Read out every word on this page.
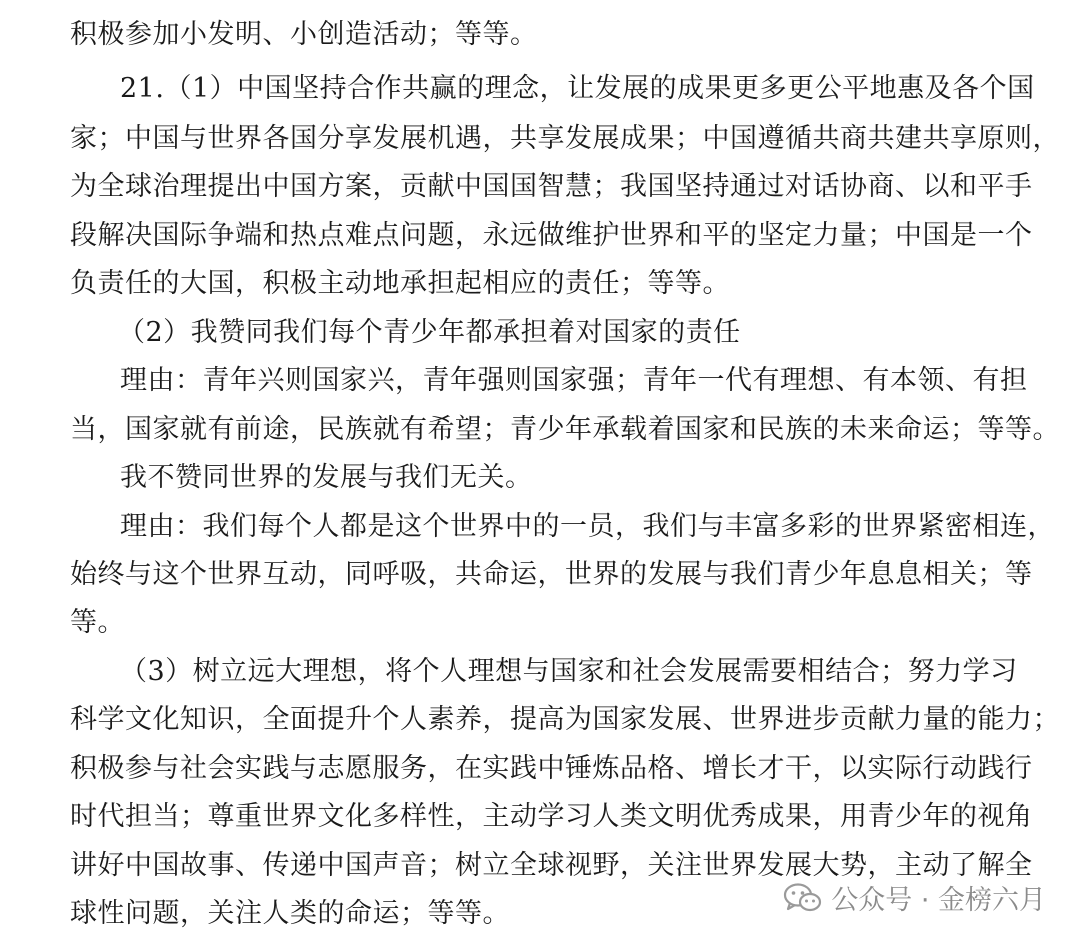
积极参加小发明、小创造活动；等等。
21.（1）中国坚持合作共赢的理念，让发展的成果更多更公平地惠及各个国
家；中国与世界各国分享发展机遇，共享发展成果；中国遵循共商共建共享原则，
为全球治理提出中国方案，贡献中国国智慧；我国坚持通过对话协商、以和平手
段解决国际争端和热点难点问题，永远做维护世界和平的坚定力量；中国是一个
负责任的大国，积极主动地承担起相应的责任；等等。
（2）我赞同我们每个青少年都承担着对国家的责任
理由：青年兴则国家兴，青年强则国家强；青年一代有理想、有本领、有担
当，国家就有前途，民族就有希望；青少年承载着国家和民族的未来命运；等等。
我不赞同世界的发展与我们无关。
理由：我们每个人都是这个世界中的一员，我们与丰富多彩的世界紧密相连，
始终与这个世界互动，同呼吸，共命运，世界的发展与我们青少年息息相关；等
等。
（3）树立远大理想，将个人理想与国家和社会发展需要相结合；努力学习
科学文化知识，全面提升个人素养，提高为国家发展、世界进步贡献力量的能力；
积极参与社会实践与志愿服务，在实践中锤炼品格、增长才干，以实际行动践行
时代担当；尊重世界文化多样性，主动学习人类文明优秀成果，用青少年的视角
讲好中国故事、传递中国声音；树立全球视野，关注世界发展大势，主动了解全
球性问题，关注人类的命运；等等。	公众号 · 金榜六月
